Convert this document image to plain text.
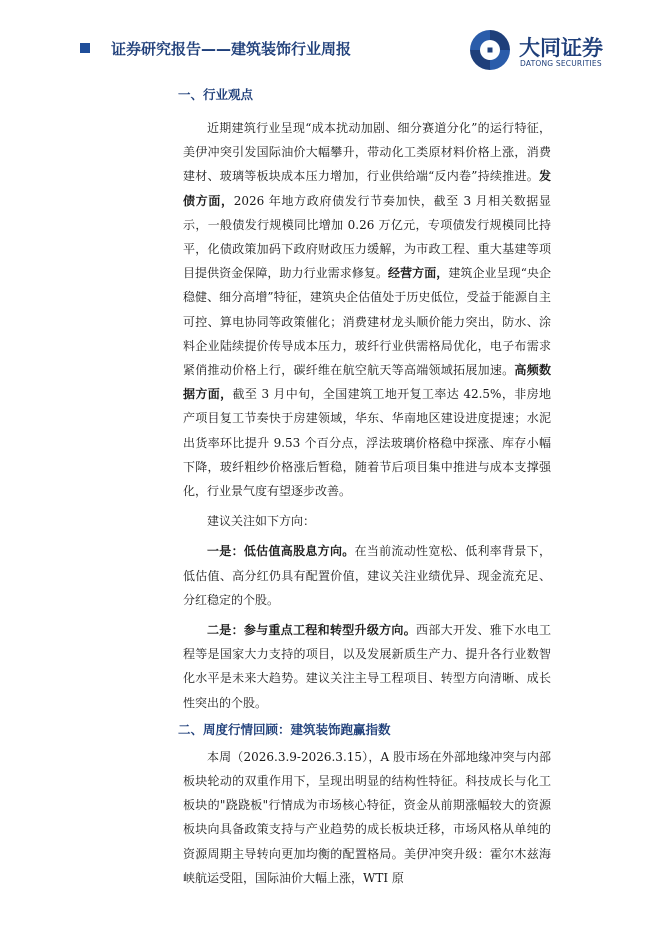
证券研究报告——建筑装饰行业周报	大同证券
DATONG SECURITIES
一、行业观点

近期建筑行业呈现“成本扰动加剧、细分赛道分化”的运行特征，美伊冲突引发国际油价大幅攀升，带动化工类原材料价格上涨，消费建材、玻璃等板块成本压力增加，行业供给端“反内卷”持续推进。发债方面，2026 年地方政府债发行节奏加快，截至 3 月相关数据显示，一般债发行规模同比增加 0.26 万亿元，专项债发行规模同比持平，化债政策加码下政府财政压力缓解，为市政工程、重大基建等项目提供资金保障，助力行业需求修复。经营方面，建筑企业呈现“央企稳健、细分高增”特征，建筑央企估值处于历史低位，受益于能源自主可控、算电协同等政策催化；消费建材龙头顺价能力突出，防水、涂料企业陆续提价传导成本压力，玻纤行业供需格局优化，电子布需求紧俏推动价格上行，碳纤维在航空航天等高端领域拓展加速。高频数据方面，截至 3 月中旬，全国建筑工地开复工率达 42.5%，非房地产项目复工节奏快于房建领域，华东、华南地区建设进度提速；水泥出货率环比提升 9.53 个百分点，浮法玻璃价格稳中探涨、库存小幅下降，玻纤粗纱价格涨后暂稳，随着节后项目集中推进与成本支撑强化，行业景气度有望逐步改善。

建议关注如下方向：

一是：低估值高股息方向。在当前流动性宽松、低利率背景下，低估值、高分红仍具有配置价值，建议关注业绩优异、现金流充足、分红稳定的个股。

二是：参与重点工程和转型升级方向。西部大开发、雅下水电工程等是国家大力支持的项目，以及发展新质生产力、提升各行业数智化水平是未来大趋势。建议关注主导工程项目、转型方向清晰、成长性突出的个股。

二、周度行情回顾：建筑装饰跑赢指数

本周（2026.3.9-2026.3.15），A 股市场在外部地缘冲突与内部板块轮动的双重作用下，呈现出明显的结构性特征。科技成长与化工板块的"跷跷板"行情成为市场核心特征，资金从前期涨幅较大的资源板块向具备政策支持与产业趋势的成长板块迁移，市场风格从单纯的资源周期主导转向更加均衡的配置格局。美伊冲突升级：霍尔木兹海峡航运受阻，国际油价大幅上涨，WTI 原
